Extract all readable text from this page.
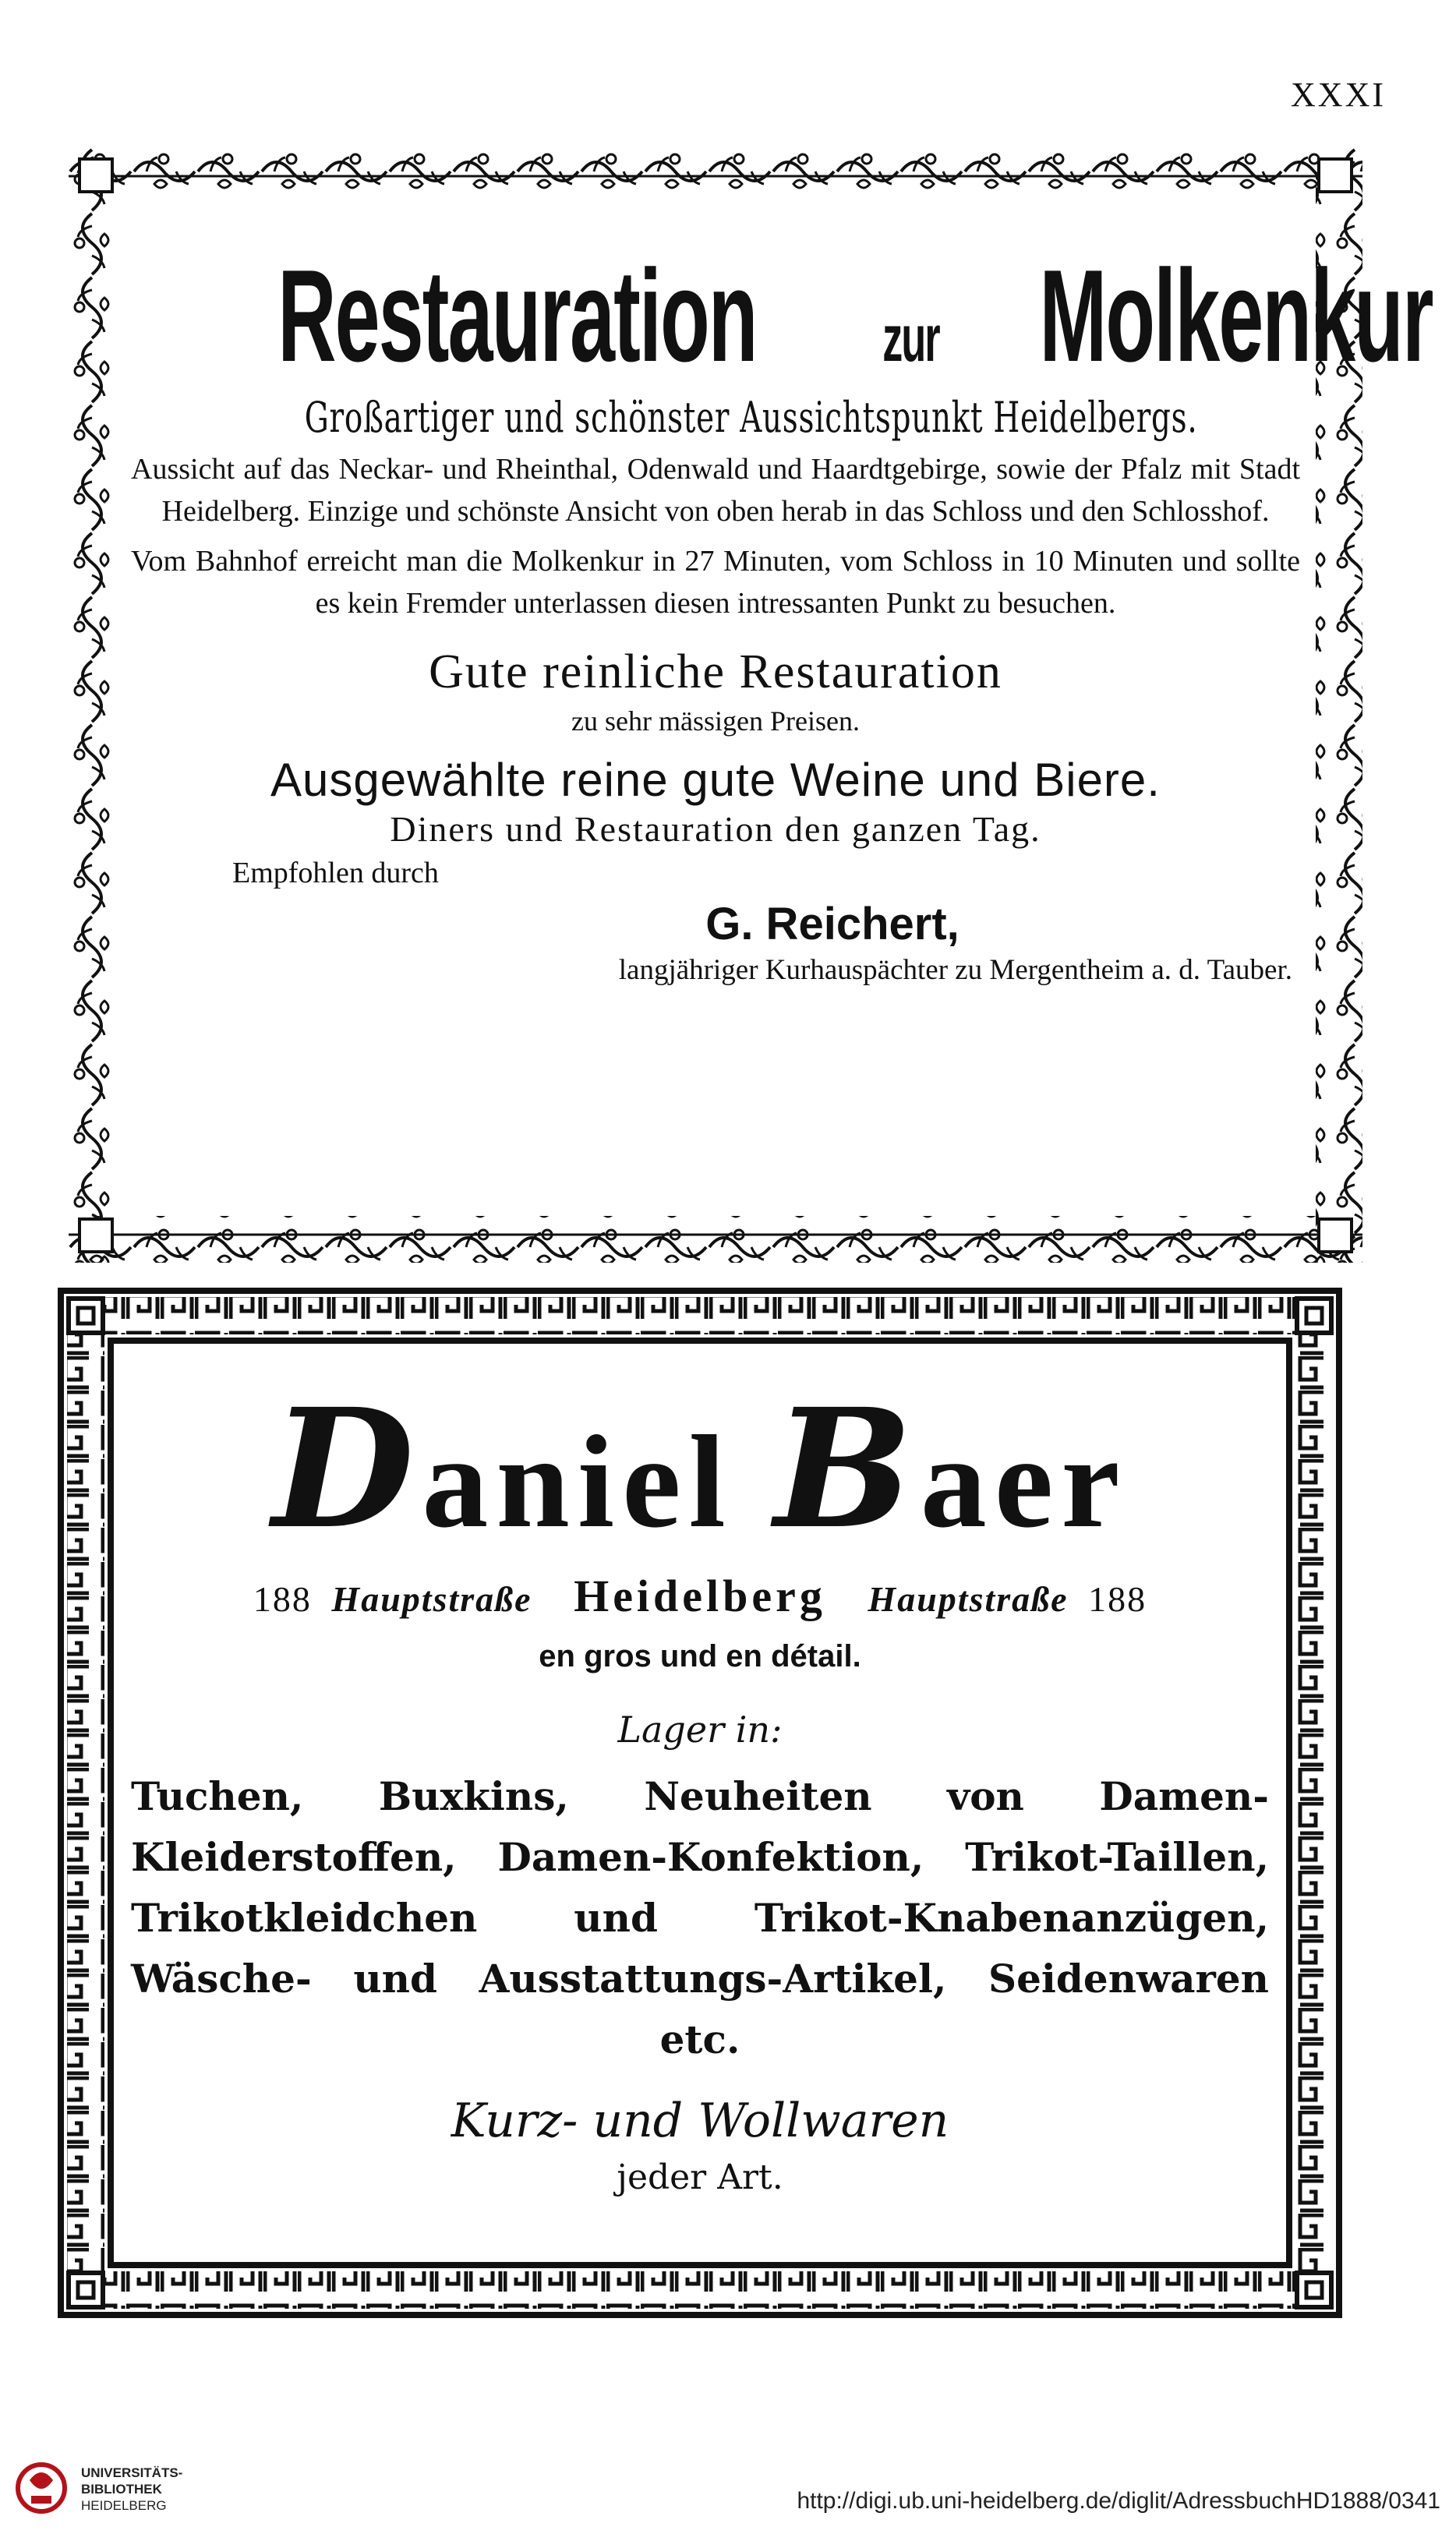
XXXI
Restauration zur Molkenkur
Großartiger und schönster Aussichtspunkt Heidelbergs.

Aussicht auf das Neckar- und Rheinthal, Odenwald und Haardtgebirge, sowie der Pfalz mit Stadt Heidelberg. Einzige und schönste Ansicht von oben herab in das Schloss und den Schlosshof.

Vom Bahnhof erreicht man die Molkenkur in 27 Minuten, vom Schloss in 10 Minuten und sollte es kein Fremder unterlassen diesen intressanten Punkt zu besuchen.

Gute reinliche Restauration
zu sehr mässigen Preisen.
Ausgewählte reine gute Weine und Biere.
Diners und Restauration den ganzen Tag.
Empfohlen durch
G. Reichert,
langjähriger Kurhauspächter zu Mergentheim a. d. Tauber.
Daniel Baer
188 Hauptstraße Heidelberg Hauptstraße 188
en gros und en détail.
Lager in:
Tuchen, Buxkins, Neuheiten von Damen-Kleiderstoffen, Damen-Konfektion, Trikot-Taillen, Trikotkleidchen und Trikot-Knabenanzügen, Wäsche- und Ausstattungs-Artikel, Seidenwaren etc.
Kurz- und Wollwaren
jeder Art.
UNIVERSITÄTS-
BIBLIOTHEK
HEIDELBERG	http://digi.ub.uni-heidelberg.de/diglit/AdressbuchHD1888/0341
